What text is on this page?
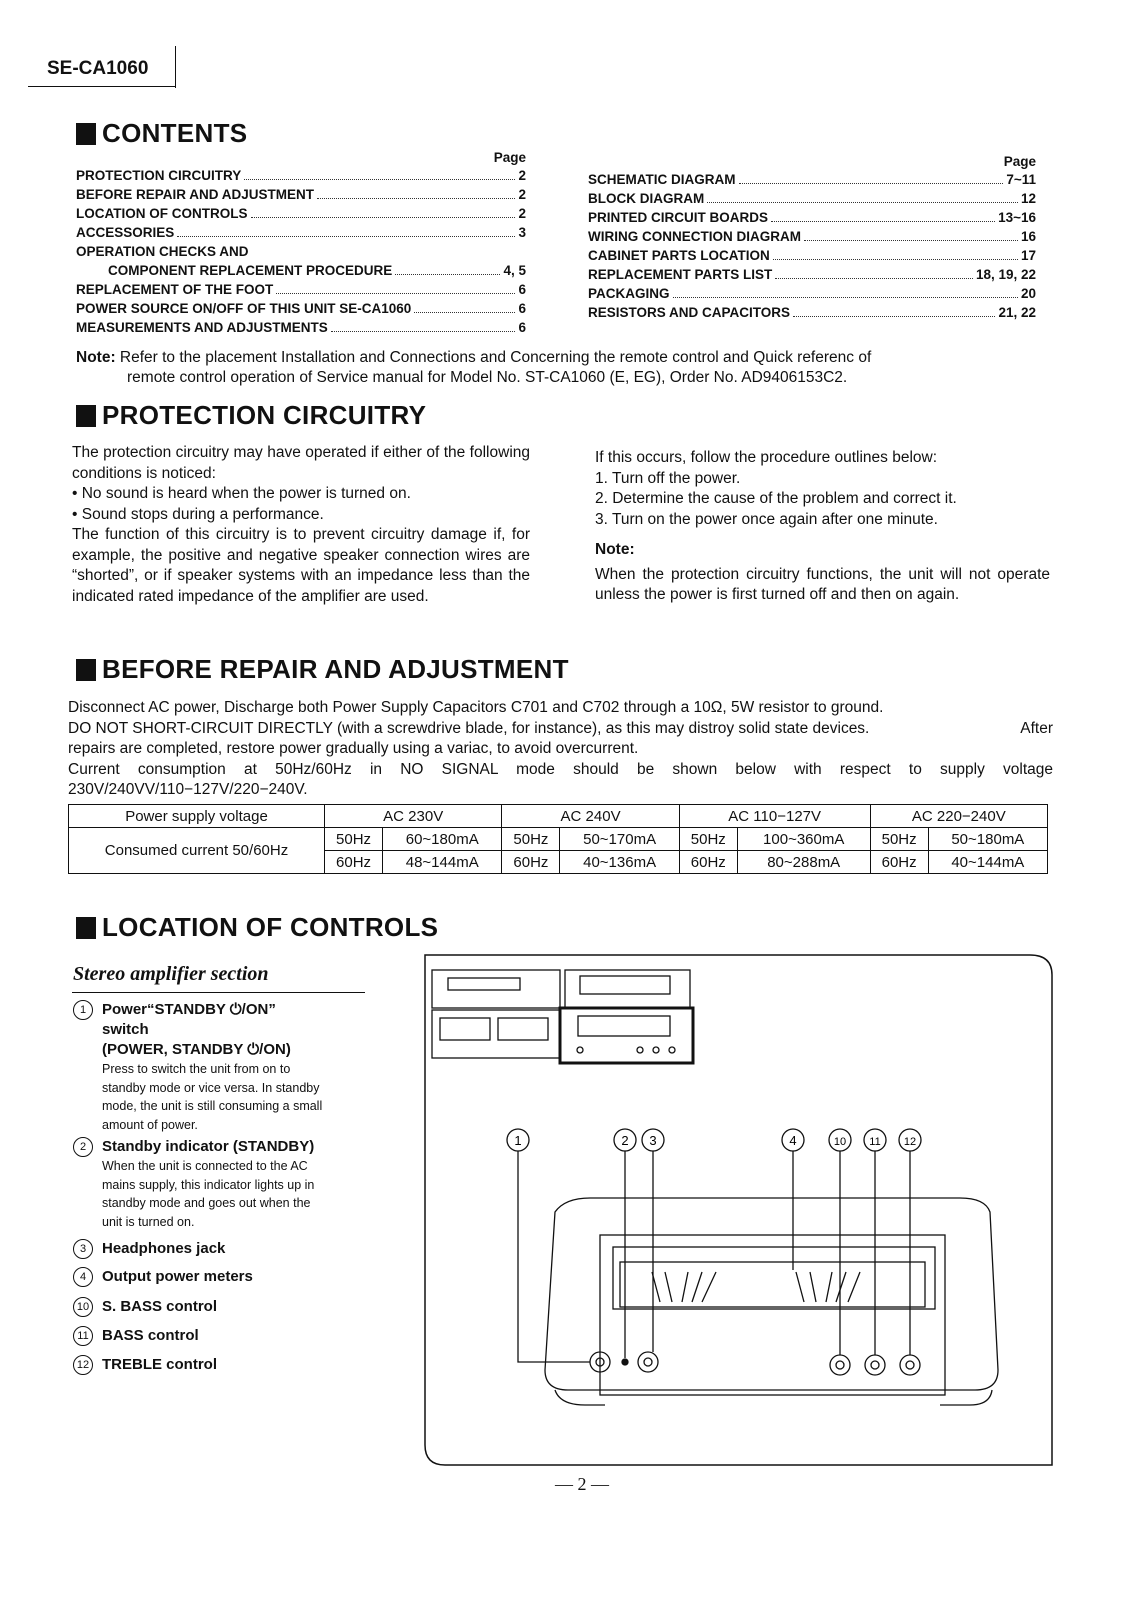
SE-CA1060
CONTENTS
Page
PROTECTION CIRCUITRY	2
BEFORE REPAIR AND ADJUSTMENT	2
LOCATION OF CONTROLS	2
ACCESSORIES	3
OPERATION CHECKS AND
COMPONENT REPLACEMENT PROCEDURE	4, 5
REPLACEMENT OF THE FOOT	6
POWER SOURCE ON/OFF OF THIS UNIT SE-CA1060	6
MEASUREMENTS AND ADJUSTMENTS	6
Page
SCHEMATIC DIAGRAM	7~11
BLOCK DIAGRAM	12
PRINTED CIRCUIT BOARDS	13~16
WIRING CONNECTION DIAGRAM	16
CABINET PARTS LOCATION	17
REPLACEMENT PARTS LIST	18, 19, 22
PACKAGING	20
RESISTORS AND CAPACITORS	21, 22
Note: Refer to the placement Installation and Connections and Concerning the remote control and Quick referenc of
remote control operation of Service manual for Model No. ST-CA1060 (E, EG), Order No. AD9406153C2.
PROTECTION CIRCUITRY

The protection circuitry may have operated if either of the following conditions is noticed:

• No sound is heard when the power is turned on.

• Sound stops during a performance.

The function of this circuitry is to prevent circuitry damage if, for example, the positive and negative speaker connection wires are “shorted”, or if speaker systems with an impedance less than the indicated rated impedance of the amplifier are used.

If this occurs, follow the procedure outlines below:

1. Turn off the power.

2. Determine the cause of the problem and correct it.

3. Turn on the power once again after one minute.

Note:

When the protection circuitry functions, the unit will not operate unless the power is first turned off and then on again.

BEFORE REPAIR AND ADJUSTMENT

Disconnect AC power, Discharge both Power Supply Capacitors C701 and C702 through a 10Ω, 5W resistor to ground.

DO NOT SHORT-CIRCUIT DIRECTLY (with a screwdrive blade, for instance), as this may distroy solid state devices.	After

repairs are completed, restore power gradually using a variac, to avoid overcurrent.

Current consumption at 50Hz/60Hz in NO SIGNAL mode should be shown below with respect to supply voltage

230V/240VV/110−127V/220−240V.

Power supply voltage	AC 230V		AC 240V		AC 110−127V		AC 220−240V	
Consumed current 50/60Hz	50Hz	60~180mA	50Hz	50~170mA	50Hz	100~360mA	50Hz	50~180mA
	60Hz	48~144mA	60Hz	40~136mA	60Hz	80~288mA	60Hz	40~144mA
LOCATION OF CONTROLS
Stereo amplifier section
1	Power“STANDBY ⏻/ON”
switch
(POWER, STANDBY ⏻/ON)
Press to switch the unit from on to
standby mode or vice versa. In standby
mode, the unit is still consuming a small
amount of power.
2	Standby indicator (STANDBY)
When the unit is connected to the AC
mains supply, this indicator lights up in
standby mode and goes out when the
unit is turned on.
3	Headphones jack
4	Output power meters
10 S. BASS control
11 BASS control
12 TREBLE control
1	2 3	4	10 11 12
— 2 —
